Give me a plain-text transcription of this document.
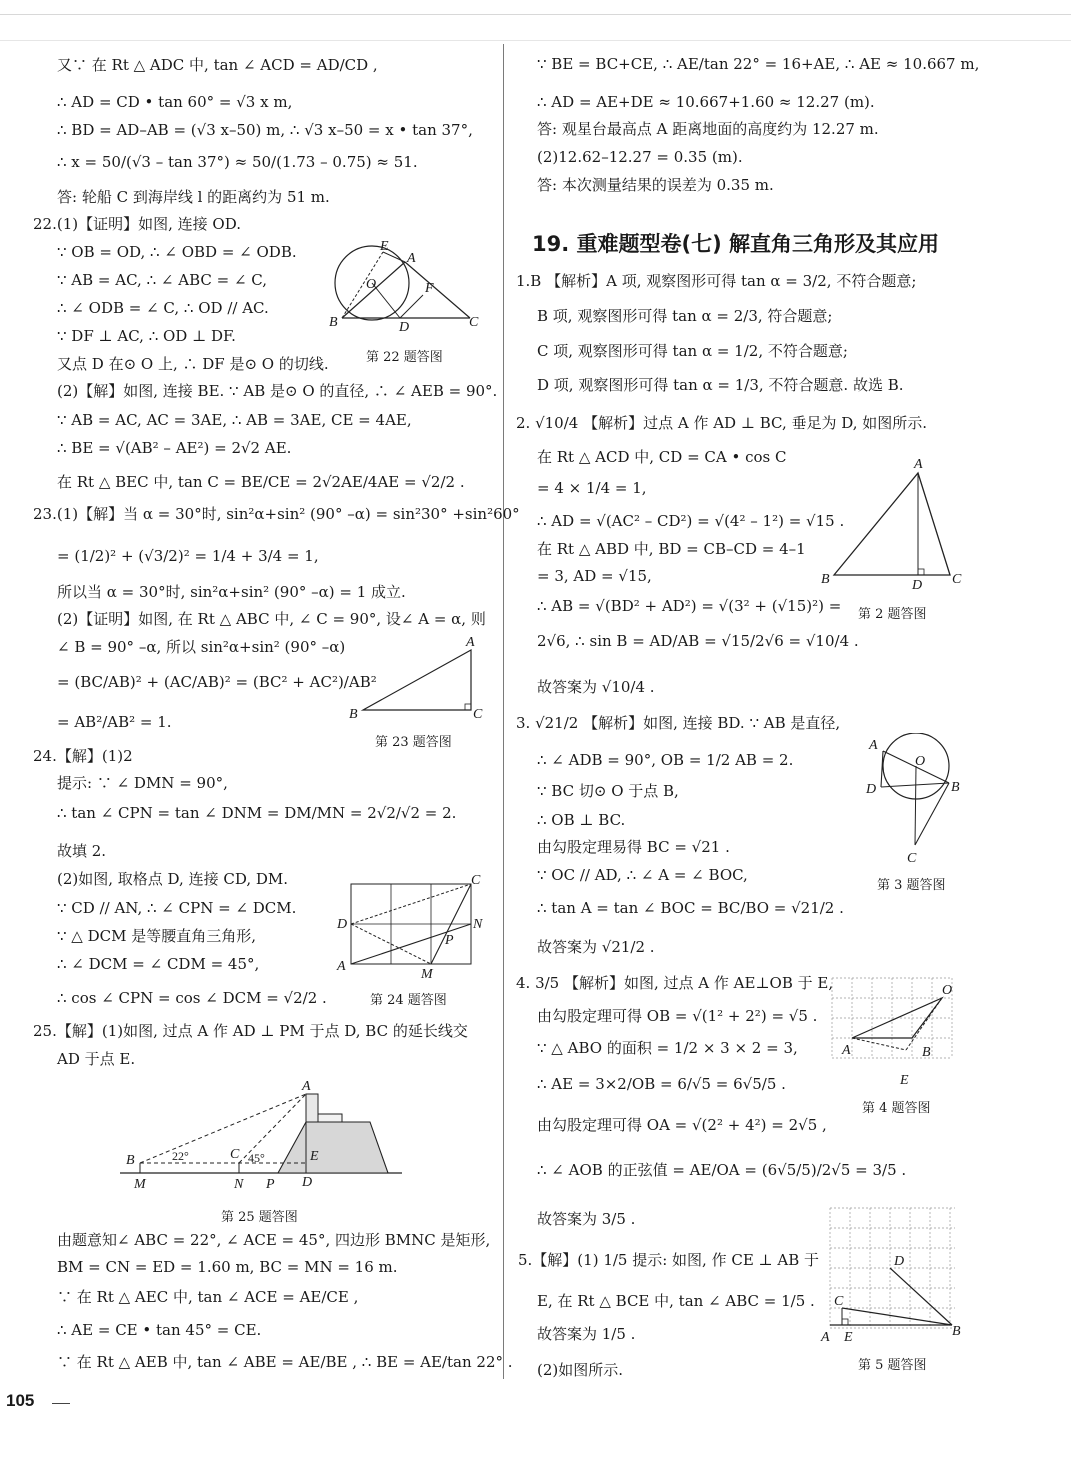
又∵ 在 Rt △ ADC 中, tan ∠ ACD = AD/CD ,
∴ AD = CD • tan 60° = √3 x m,
∴ BD = AD–AB = (√3 x–50) m, ∴ √3 x–50 = x • tan 37°,
∴ x = 50/(√3 – tan 37°) ≈ 50/(1.73 – 0.75) ≈ 51.
答: 轮船 C 到海岸线 l 的距离约为 51 m.
22.(1)【证明】如图, 连接 OD.
∵ OB = OD, ∴ ∠ OBD = ∠ ODB.
∵ AB = AC, ∴ ∠ ABC = ∠ C,
∴ ∠ ODB = ∠ C, ∴ OD // AC.
∵ DF ⊥ AC, ∴ OD ⊥ DF.
又点 D 在⊙ O 上, ∴ DF 是⊙ O 的切线.
(2)【解】如图, 连接 BE. ∵ AB 是⊙ O 的直径, ∴ ∠ AEB = 90°.
∵ AB = AC, AC = 3AE, ∴ AB = 3AE, CE = 4AE,
∴ BE = √(AB² – AE²) = 2√2 AE.
在 Rt △ BEC 中, tan C = BE/CE = 2√2AE/4AE = √2/2 .
23.(1)【解】当 α = 30°时, sin²α+sin² (90° –α) = sin²30° +sin²60°
= (1/2)² + (√3/2)² = 1/4 + 3/4 = 1,
所以当 α = 30°时, sin²α+sin² (90° –α) = 1 成立.
(2)【证明】如图, 在 Rt △ ABC 中, ∠ C = 90°, 设∠ A = α, 则
∠ B = 90° –α, 所以 sin²α+sin² (90° –α)
= (BC/AB)² + (AC/AB)² = (BC² + AC²)/AB²
= AB²/AB² = 1.
24.【解】(1)2
提示: ∵ ∠ DMN = 90°,
∴ tan ∠ CPN = tan ∠ DNM = DM/MN = 2√2/√2 = 2.
故填 2.
(2)如图, 取格点 D, 连接 CD, DM.
∵ CD // AN, ∴ ∠ CPN = ∠ DCM.
∵ △ DCM 是等腰直角三角形,
∴ ∠ DCM = ∠ CDM = 45°,
∴ cos ∠ CPN = cos ∠ DCM = √2/2 .
25.【解】(1)如图, 过点 A 作 AD ⊥ PM 于点 D, BC 的延长线交
AD 于点 E.
由题意知∠ ABC = 22°, ∠ ACE = 45°, 四边形 BMNC 是矩形,
BM = CN = ED = 1.60 m, BC = MN = 16 m.
∵ 在 Rt △ AEC 中, tan ∠ ACE = AE/CE ,
∴ AE = CE • tan 45° = CE.
∵ 在 Rt △ AEB 中, tan ∠ ABE = AE/BE , ∴ BE = AE/tan 22° .
E
A
F
O
B	D	C
第 22 题答图
A
B	C
第 23 题答图
C
D	N
P
A
M
第 24 题答图
A
B	22°	C 45°	E
M	N P D
第 25 题答图
∵ BE = BC+CE, ∴ AE/tan 22° = 16+AE, ∴ AE ≈ 10.667 m,
∴ AD = AE+DE ≈ 10.667+1.60 ≈ 12.27 (m).
答: 观星台最高点 A 距离地面的高度约为 12.27 m.
(2)12.62–12.27 = 0.35 (m).
答: 本次测量结果的误差为 0.35 m.
19. 重难题型卷(七) 解直角三角形及其应用
1.B 【解析】A 项, 观察图形可得 tan α = 3/2, 不符合题意;
B 项, 观察图形可得 tan α = 2/3, 符合题意;
C 项, 观察图形可得 tan α = 1/2, 不符合题意;
D 项, 观察图形可得 tan α = 1/3, 不符合题意. 故选 B.
2. √10/4 【解析】过点 A 作 AD ⊥ BC, 垂足为 D, 如图所示.
在 Rt △ ACD 中, CD = CA • cos C
= 4 × 1/4 = 1,
∴ AD = √(AC² – CD²) = √(4² – 1²) = √15 .
在 Rt △ ABD 中, BD = CB–CD = 4–1
= 3, AD = √15,
∴ AB = √(BD² + AD²) = √(3² + (√15)²) =
2√6, ∴ sin B = AD/AB = √15/2√6 = √10/4 .
故答案为 √10/4 .
3. √21/2 【解析】如图, 连接 BD. ∵ AB 是直径,
∴ ∠ ADB = 90°, OB = 1/2 AB = 2.
∵ BC 切⊙ O 于点 B,
∴ OB ⊥ BC.
由勾股定理易得 BC = √21 .
∵ OC // AD, ∴ ∠ A = ∠ BOC,
∴ tan A = tan ∠ BOC = BC/BO = √21/2 .
故答案为 √21/2 .
4. 3/5 【解析】如图, 过点 A 作 AE⊥OB 于 E,
由勾股定理可得 OB = √(1² + 2²) = √5 .
∵ △ ABO 的面积 = 1/2 × 3 × 2 = 3,
∴ AE = 3×2/OB = 6/√5 = 6√5/5 .
由勾股定理可得 OA = √(2² + 4²) = 2√5 ,
∴ ∠ AOB 的正弦值 = AE/OA = (6√5/5)/2√5 = 3/5 .
故答案为 3/5 .
5.【解】(1) 1/5 提示: 如图, 作 CE ⊥ AB 于
E, 在 Rt △ BCE 中, tan ∠ ABC = 1/5 .
故答案为 1/5 .
(2)如图所示.
A
B	D C
第 2 题答图
A
O
D	B
C
第 3 题答图
O
A	B
E
第 4 题答图
D
C
A E	B
第 5 题答图
105
